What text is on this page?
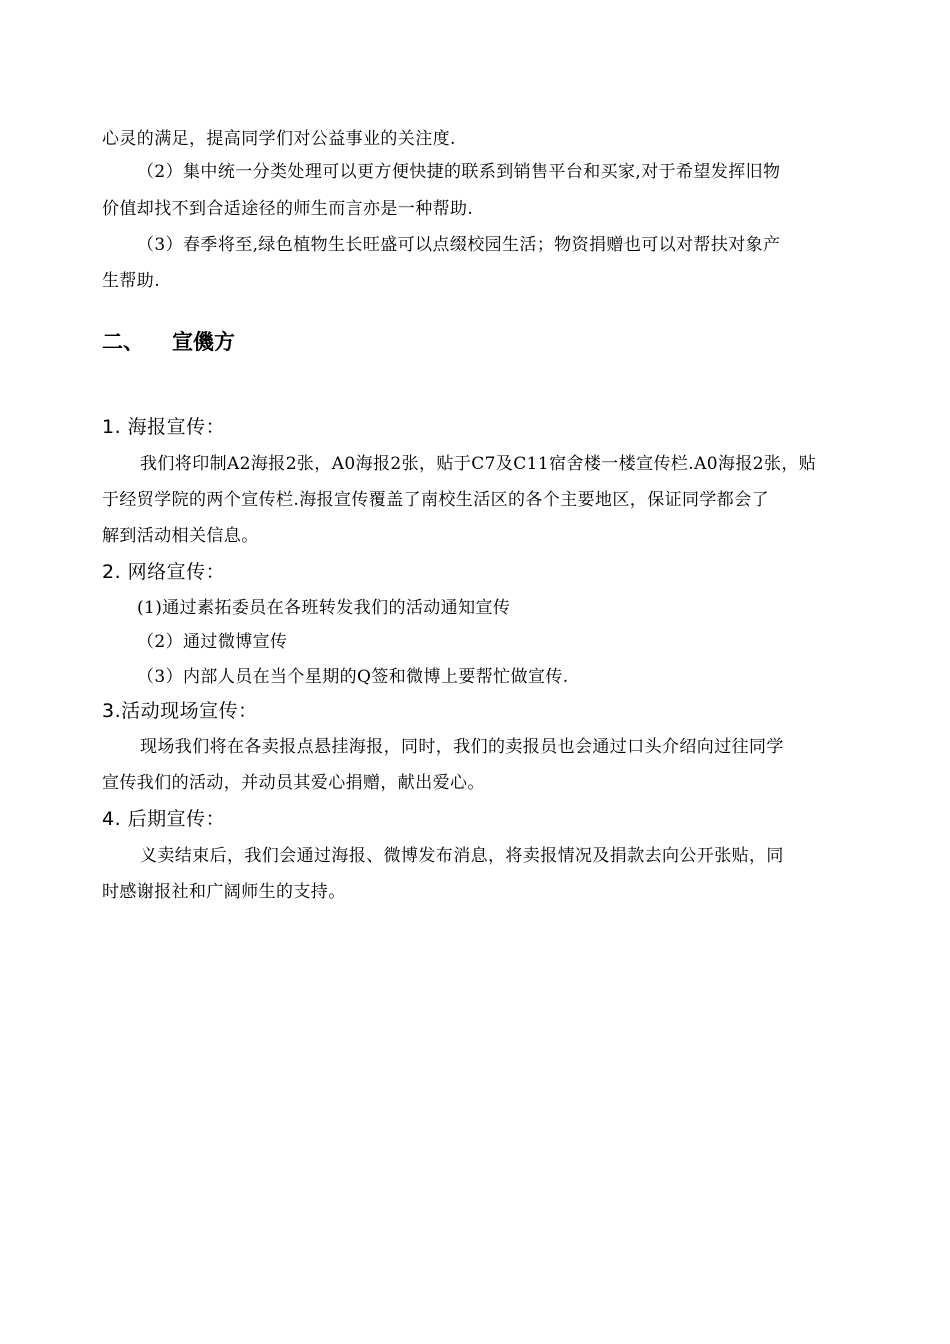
心灵的满足，提高同学们对公益事业的关注度.
（2）集中统一分类处理可以更方便快捷的联系到销售平台和买家,对于希望发挥旧物
价值却找不到合适途径的师生而言亦是一种帮助.
（3）春季将至,绿色植物生长旺盛可以点缀校园生活；物资捐赠也可以对帮扶对象产
生帮助.
二、 宣僟方
1. 海报宣传：
我们将印制A2海报2张，A0海报2张，贴于C7及C11宿舍楼一楼宣传栏.A0海报2张，贴
于经贸学院的两个宣传栏.海报宣传覆盖了南校生活区的各个主要地区，保证同学都会了
解到活动相关信息。
2. 网络宣传：
(1)通过素拓委员在各班转发我们的活动通知宣传
（2）通过微博宣传
（3）内部人员在当个星期的Q签和微博上要帮忙做宣传.
3.活动现场宣传：
现场我们将在各卖报点悬挂海报，同时，我们的卖报员也会通过口头介绍向过往同学
宣传我们的活动，并动员其爱心捐赠，献出爱心。
4. 后期宣传：
义卖结束后，我们会通过海报、微博发布消息，将卖报情况及捐款去向公开张贴，同
时感谢报社和广阔师生的支持。
